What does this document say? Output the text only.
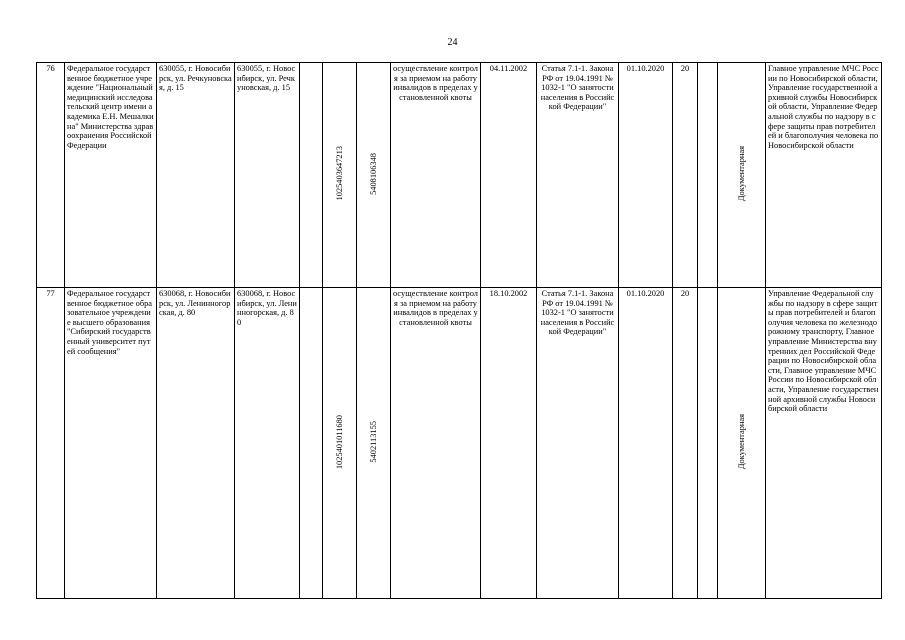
24
76	Федеральное государственное бюджетное учреждение "Национальный медицинский исследовательский центр имени академика Е.Н. Мешалкина" Министерства здравоохранения Российской Федерации	630055, г. Новосибирск, ул. Речкуновская, д. 15	630055, г. Новосибирск, ул. Речкуновская, д. 15		1025403647213	5408106348	осуществление контроля за приемом на работу инвалидов в пределах установленной квоты	04.11.2002	Статья 7.1-1. Закона РФ от 19.04.1991 № 1032-1 "О занятости населения в Российской Федерации"	01.10.2020	20		Документарная	Главное управление МЧС России по Новосибирской области, Управление государственной архивной службы Новосибирской области, Управление Федеральной службы по надзору в сфере защиты прав потребителей и благополучия человека по Новосибирской области
77	Федеральное государственное бюджетное образовательное учреждение высшего образования "Сибирский государственный университет путей сообщения"	630068, г. Новосибирск, ул. Ленинногорская, д. 80	630068, г. Новосибирск, ул. Ленинногорская, д. 80		1025401011680	5402113155	осуществление контроля за приемом на работу инвалидов в пределах установленной квоты	18.10.2002	Статья 7.1-1. Закона РФ от 19.04.1991 № 1032-1 "О занятости населения в Российской Федерации"	01.10.2020	20		Документарная	Управление Федеральной службы по надзору в сфере защиты прав потребителей и благополучия человека по железнодорожному транспорту, Главное управление Министерства внутренних дел Российской Федерации по Новосибирской области, Главное управление МЧС России по Новосибирской области, Управление государственной архивной службы Новосибирской области
